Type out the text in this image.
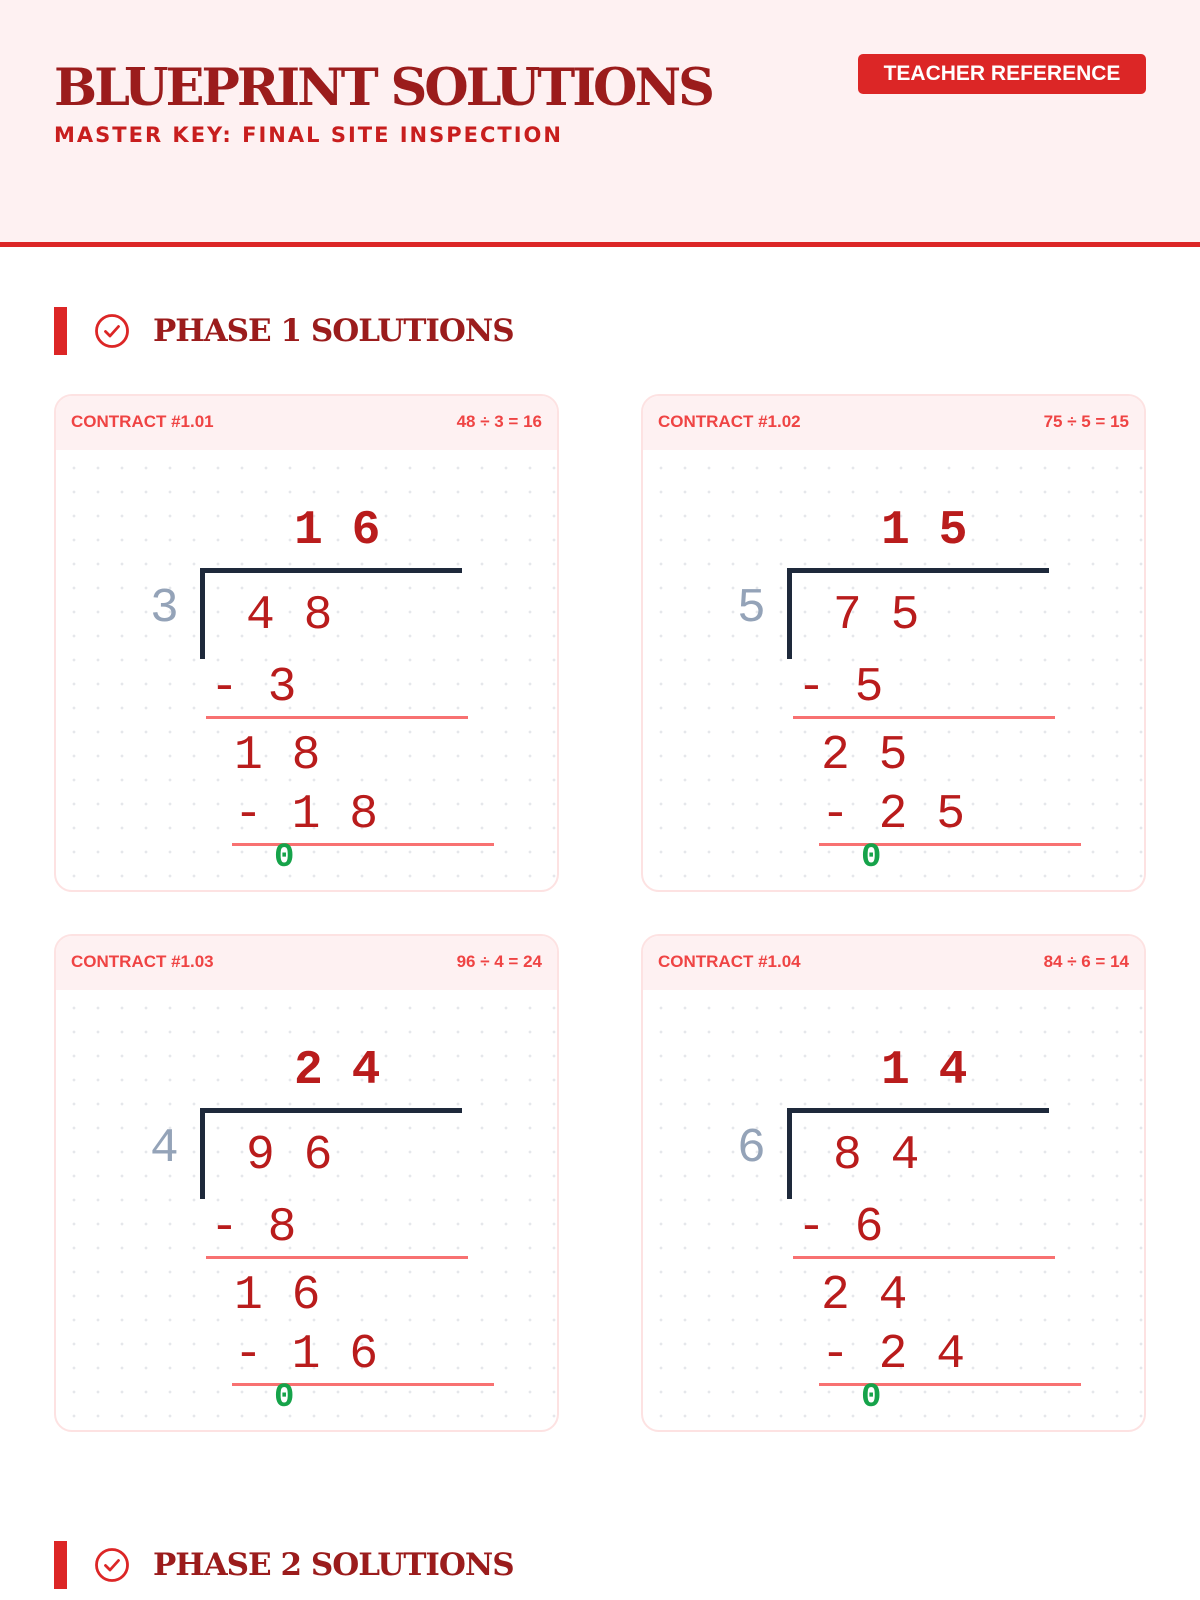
BLUEPRINT SOLUTIONS
MASTER KEY: FINAL SITE INSPECTION
TEACHER REFERENCE
PHASE 1 SOLUTIONS
CONTRACT #1.01	48 ÷ 3 = 16
1 6
3 4 8
- 3
1 8
- 1 8
0
CONTRACT #1.02	75 ÷ 5 = 15
1 5
5 7 5
- 5
2 5
- 2 5
0
CONTRACT #1.03	96 ÷ 4 = 24
2 4
4 9 6
- 8
1 6
- 1 6
0
CONTRACT #1.04	84 ÷ 6 = 14
1 4
6 8 4
- 6
2 4
- 2 4
0
PHASE 2 SOLUTIONS
